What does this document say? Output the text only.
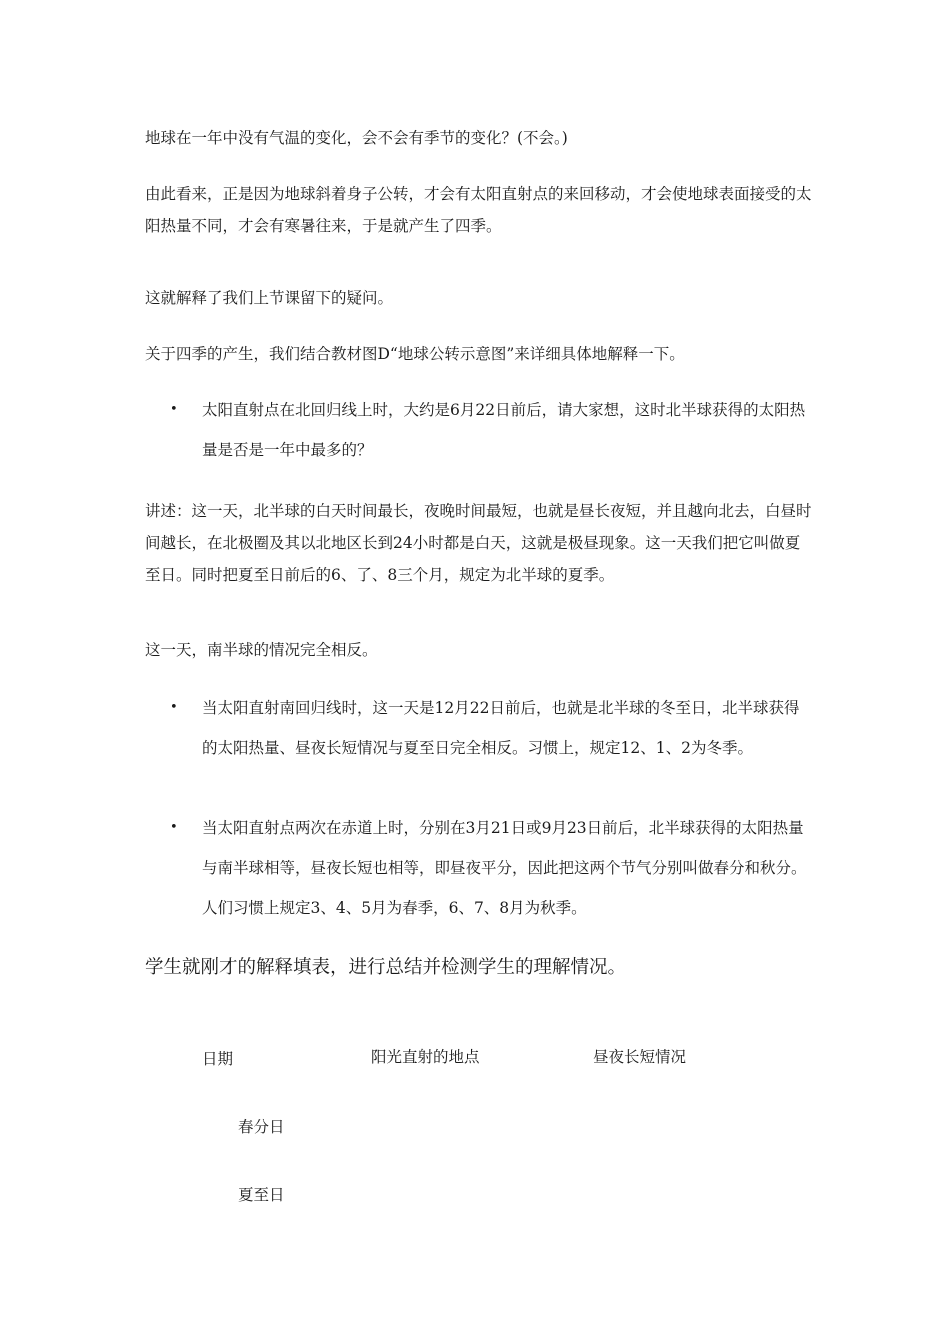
地球在一年中没有气温的变化，会不会有季节的变化？(不会。)

由此看来，正是因为地球斜着身子公转，才会有太阳直射点的来回移动，才会使地球表面接受的太阳热量不同，才会有寒暑往来，于是就产生了四季。

这就解释了我们上节课留下的疑问。

关于四季的产生，我们结合教材图D“地球公转示意图”来详细具体地解释一下。

• 太阳直射点在北回归线上时，大约是6月22日前后，请大家想，这时北半球获得的太阳热量是否是一年中最多的？

讲述：这一天，北半球的白天时间最长，夜晚时间最短，也就是昼长夜短，并且越向北去，白昼时间越长，在北极圈及其以北地区长到24小时都是白天，这就是极昼现象。这一天我们把它叫做夏至日。同时把夏至日前后的6、了、8三个月，规定为北半球的夏季。

这一天，南半球的情况完全相反。

• 当太阳直射南回归线时，这一天是12月22日前后，也就是北半球的冬至日，北半球获得的太阳热量、昼夜长短情况与夏至日完全相反。习惯上，规定12、1、2为冬季。
• 当太阳直射点两次在赤道上时，分别在3月21日或9月23日前后，北半球获得的太阳热量与南半球相等，昼夜长短也相等，即昼夜平分，因此把这两个节气分别叫做春分和秋分。人们习惯上规定3、4、5月为春季，6、7、8月为秋季。

学生就刚才的解释填表，进行总结并检测学生的理解情况。

日期	阳光直射的地点	昼夜长短情况
春分日
夏至日
